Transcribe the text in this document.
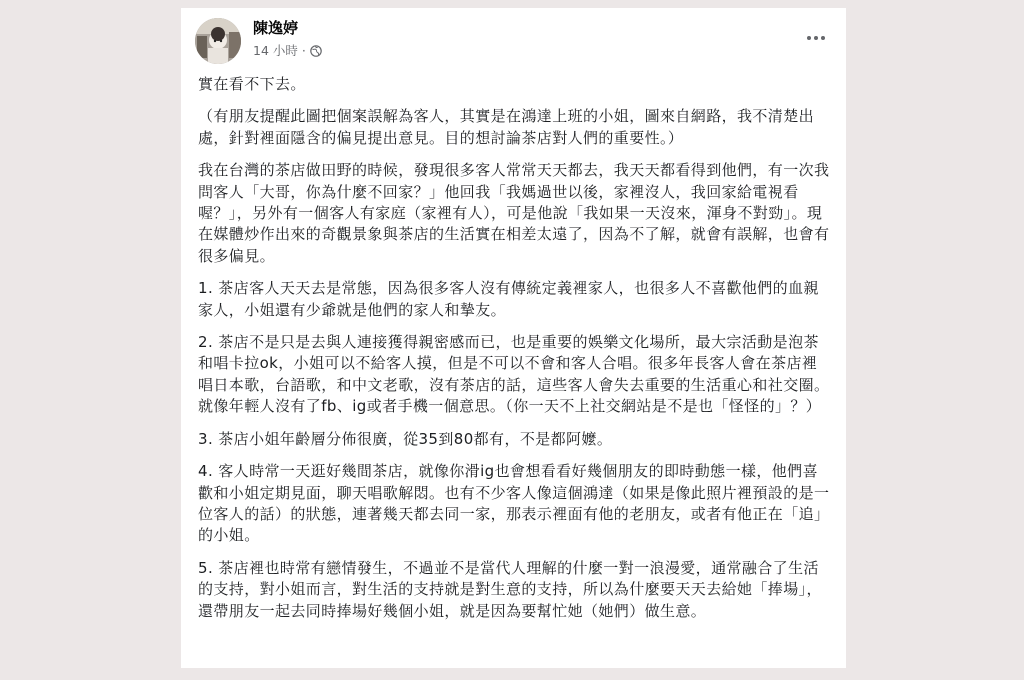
陳逸婷
14 小時 ·

實在看不下去。

（有朋友提醒此圖把個案誤解為客人，其實是在鴻達上班的小姐，圖來自網路，我不清楚出處，針對裡面隱含的偏見提出意見。目的想討論茶店對人們的重要性。）

我在台灣的茶店做田野的時候，發現很多客人常常天天都去，我天天都看得到他們，有一次我問客人「大哥，你為什麼不回家？」他回我「我媽過世以後，家裡沒人，我回家給電視看喔？」，另外有一個客人有家庭（家裡有人），可是他說「我如果一天沒來，渾身不對勁」。現在媒體炒作出來的奇觀景象與茶店的生活實在相差太遠了，因為不了解，就會有誤解，也會有很多偏見。

1. 茶店客人天天去是常態，因為很多客人沒有傳統定義裡家人，也很多人不喜歡他們的血親家人，小姐還有少爺就是他們的家人和摯友。

2. 茶店不是只是去與人連接獲得親密感而已，也是重要的娛樂文化場所，最大宗活動是泡茶和唱卡拉ok，小姐可以不給客人摸，但是不可以不會和客人合唱。很多年長客人會在茶店裡唱日本歌，台語歌，和中文老歌，沒有茶店的話，這些客人會失去重要的生活重心和社交圈。就像年輕人沒有了fb、ig或者手機一個意思。（你一天不上社交網站是不是也「怪怪的」？）

3. 茶店小姐年齡層分佈很廣，從35到80都有，不是都阿嬤。

4. 客人時常一天逛好幾間茶店，就像你滑ig也會想看看好幾個朋友的即時動態一樣，他們喜歡和小姐定期見面，聊天唱歌解悶。也有不少客人像這個鴻達（如果是像此照片裡預設的是一位客人的話）的狀態，連著幾天都去同一家，那表示裡面有他的老朋友，或者有他正在「追」的小姐。

5. 茶店裡也時常有戀情發生，不過並不是當代人理解的什麼一對一浪漫愛，通常融合了生活的支持，對小姐而言，對生活的支持就是對生意的支持，所以為什麼要天天去給她「捧場」，還帶朋友一起去同時捧場好幾個小姐，就是因為要幫忙她（她們）做生意。
